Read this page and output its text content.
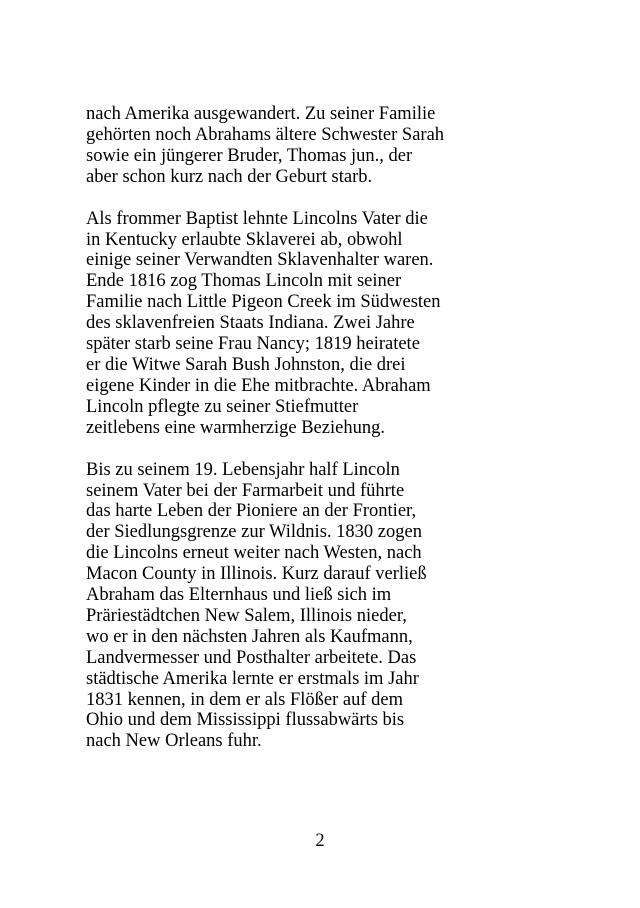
nach Amerika ausgewandert. Zu seiner Familie
gehörten noch Abrahams ältere Schwester Sarah
sowie ein jüngerer Bruder, Thomas jun., der
aber schon kurz nach der Geburt starb.

Als frommer Baptist lehnte Lincolns Vater die
in Kentucky erlaubte Sklaverei ab, obwohl
einige seiner Verwandten Sklavenhalter waren.
Ende 1816 zog Thomas Lincoln mit seiner
Familie nach Little Pigeon Creek im Südwesten
des sklavenfreien Staats Indiana. Zwei Jahre
später starb seine Frau Nancy; 1819 heiratete
er die Witwe Sarah Bush Johnston, die drei
eigene Kinder in die Ehe mitbrachte. Abraham
Lincoln pflegte zu seiner Stiefmutter
zeitlebens eine warmherzige Beziehung.

Bis zu seinem 19. Lebensjahr half Lincoln
seinem Vater bei der Farmarbeit und führte
das harte Leben der Pioniere an der Frontier,
der Siedlungsgrenze zur Wildnis. 1830 zogen
die Lincolns erneut weiter nach Westen, nach
Macon County in Illinois. Kurz darauf verließ
Abraham das Elternhaus und ließ sich im
Präriestädtchen New Salem, Illinois nieder,
wo er in den nächsten Jahren als Kaufmann,
Landvermesser und Posthalter arbeitete. Das
städtische Amerika lernte er erstmals im Jahr
1831 kennen, in dem er als Flößer auf dem
Ohio und dem Mississippi flussabwärts bis
nach New Orleans fuhr.

2
